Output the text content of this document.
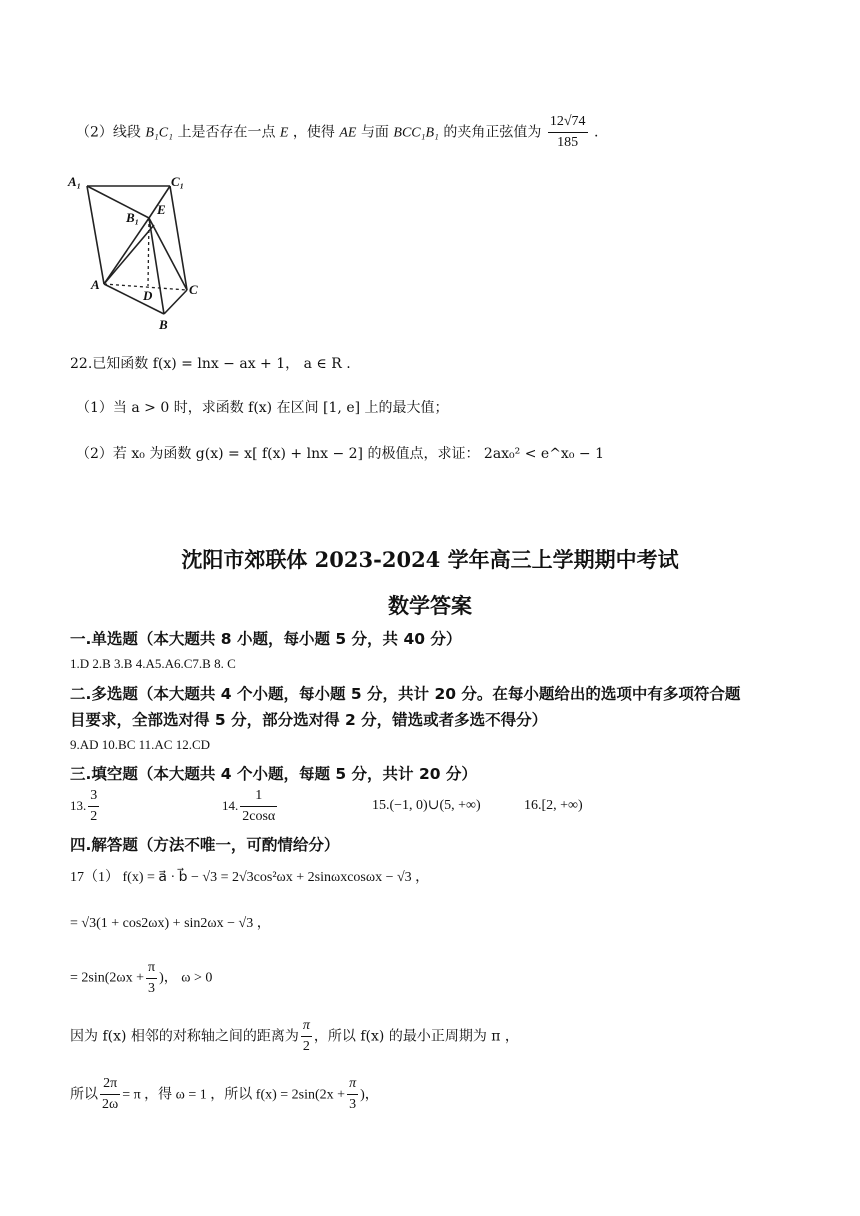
（2）线段 B₁C₁ 上是否存在一点 E ，使得 AE 与面 BCC₁B₁ 的夹角正弦值为 $\frac{12√74}{185}$ .
A₁	C₁
B₁
E
A
D	C
B
22.已知函数 f(x) = lnx − ax + 1， a ∈ R .
（1）当 a > 0 时，求函数 f(x) 在区间 [1, e] 上的最大值；
（2）若 x₀ 为函数 g(x) = x[ f(x) + lnx − 2] 的极值点，求证： 2ax₀² < e^x₀ − 1
沈阳市郊联体 2023-2024 学年高三上学期期中考试
数学答案
一.单选题（本大题共 8 小题，每小题 5 分，共 40 分）
1.D 2.B 3.B 4.A5.A6.C7.B 8. C
二.多选题（本大题共 4 个小题，每小题 5 分，共计 20 分。在每小题给出的选项中有多项符合题
目要求，全部选对得 5 分，部分选对得 2 分，错选或者多选不得分）
9.AD 10.BC 11.AC 12.CD
三.填空题（本大题共 4 个小题，每题 5 分，共计 20 分）
13. $\frac{3}{2}$	14. $\frac{1}{2\cos\alpha}$	15.(−1, 0)∪(5, +∞)	16.[2, +∞)
四.解答题（方法不唯一，可酌情给分）
17（1） f(x) = a⃗ · b⃗ − √3 = 2√3cos²ωx + 2sinωxcosωx − √3 ，
= √3(1 + cos2ωx) + sin2ωx − √3 ，
= $2\sin(2\omega x + \frac{\pi}{3}$ )， ω > 0
因为 f(x) 相邻的对称轴之间的距离为 $\frac{\pi}{2}$ ，所以 f(x) 的最小正周期为 π ，
所以 $\frac{2\pi}{2\omega} = \pi$ ，得 ω = 1 ，所以 $f(x) = 2\sin(2x + \frac{\pi}{3}$ )，
